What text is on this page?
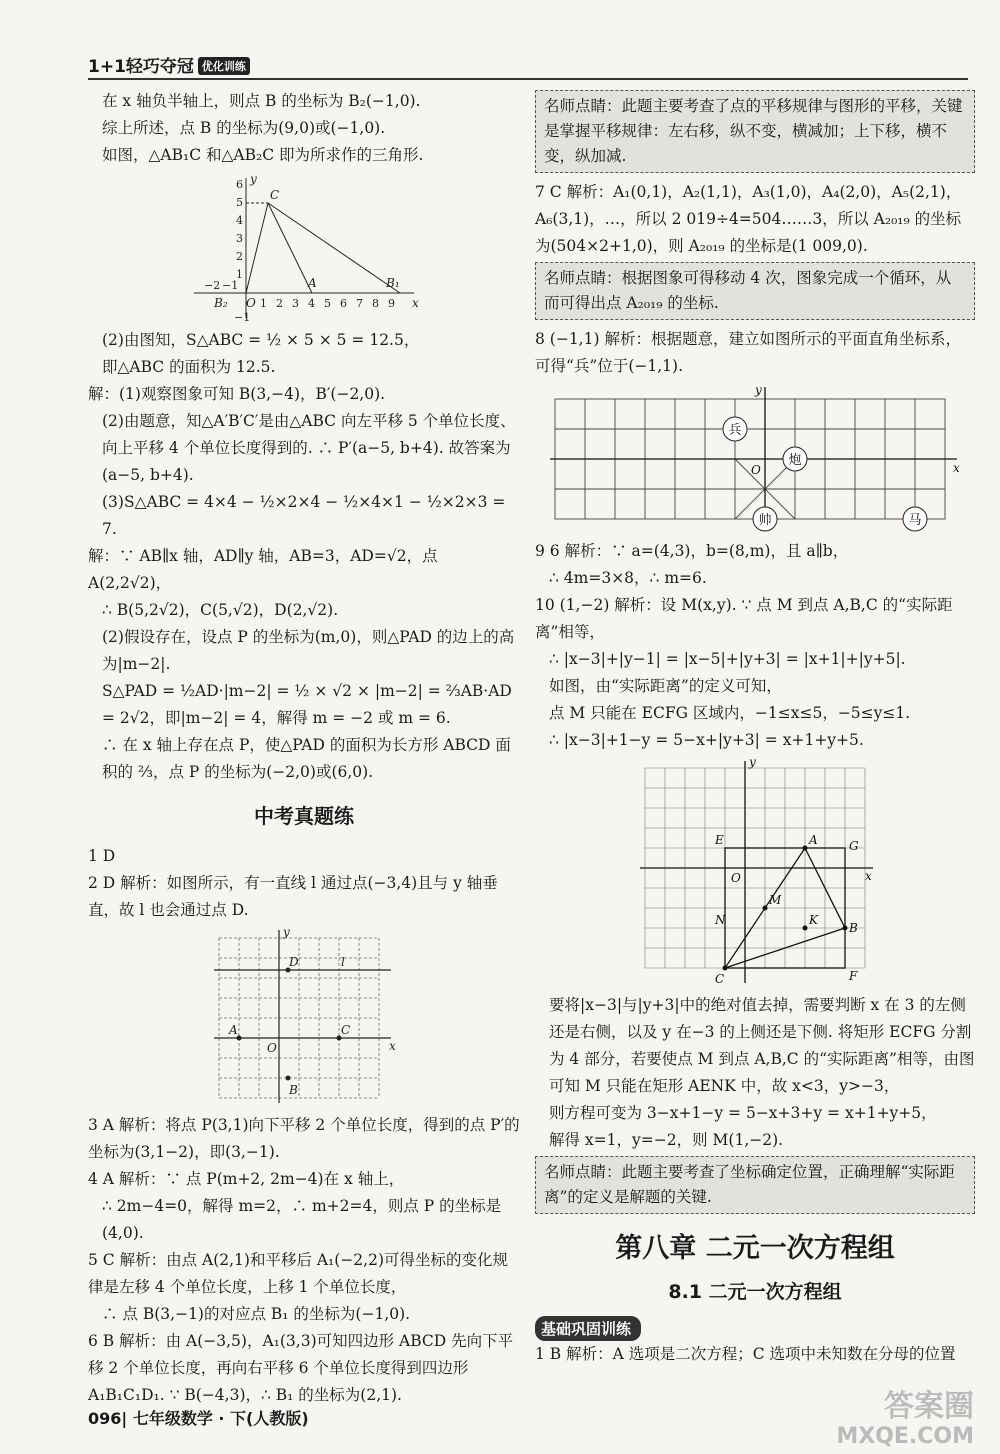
1+1轻巧夺冠 优化训练

在 x 轴负半轴上，则点 B 的坐标为 B₂(−1,0).

综上所述，点 B 的坐标为(9,0)或(−1,0).

如图，△AB₁C 和△AB₂C 即为所求作的三角形.

C
A	B₁
B₂	x
y
O
6
5
4
3
2
1
−2 −1
1 2 3 4 5 6 7 8 9
−1

(2)由图知，S△ABC = ½ × 5 × 5 = 12.5，

即△ABC 的面积为 12.5.

解：(1)观察图象可知 B(3,−4)，B′(−2,0).

(2)由题意，知△A′B′C′是由△ABC 向左平移 5 个单位长度、向上平移 4 个单位长度得到的. ∴ P′(a−5, b+4). 故答案为(a−5, b+4).

(3)S△ABC = 4×4 − ½×2×4 − ½×4×1 − ½×2×3 = 7.

解：∵ AB∥x 轴，AD∥y 轴，AB=3，AD=√2，点 A(2,2√2)，

∴ B(5,2√2)，C(5,√2)，D(2,√2).

(2)假设存在，设点 P 的坐标为(m,0)，则△PAD 的边上的高为|m−2|.

S△PAD = ½AD·|m−2| = ½ × √2 × |m−2| = ⅔AB·AD

= 2√2，即|m−2| = 4，解得 m = −2 或 m = 6.

∴ 在 x 轴上存在点 P，使△PAD 的面积为长方形 ABCD 面积的 ⅔，点 P 的坐标为(−2,0)或(6,0).

中考真题练

1 D

2 D 解析：如图所示，有一直线 l 通过点(−3,4)且与 y 轴垂直，故 l 也会通过点 D.

y
x
O
D	l
A	C
B

3 A 解析：将点 P(3,1)向下平移 2 个单位长度，得到的点 P′的坐标为(3,1−2)，即(3,−1).

4 A 解析：∵ 点 P(m+2, 2m−4)在 x 轴上，

∴ 2m−4=0，解得 m=2，∴ m+2=4，则点 P 的坐标是(4,0).

5 C 解析：由点 A(2,1)和平移后 A₁(−2,2)可得坐标的变化规律是左移 4 个单位长度，上移 1 个单位长度，

∴ 点 B(3,−1)的对应点 B₁ 的坐标为(−1,0).

6 B 解析：由 A(−3,5)，A₁(3,3)可知四边形 ABCD 先向下平移 2 个单位长度，再向右平移 6 个单位长度得到四边形 A₁B₁C₁D₁. ∵ B(−4,3)，∴ B₁ 的坐标为(2,1).

名师点睛：此题主要考查了点的平移规律与图形的平移，关键是掌握平移规律：左右移，纵不变，横减加；上下移，横不变，纵加减.

7 C 解析：A₁(0,1)，A₂(1,1)，A₃(1,0)，A₄(2,0)，A₅(2,1)，A₆(3,1)，…，所以 2 019÷4=504……3，所以 A₂₀₁₉ 的坐标为(504×2+1,0)，则 A₂₀₁₉ 的坐标是(1 009,0).

名师点睛：根据图象可得移动 4 次，图象完成一个循环，从而可得出点 A₂₀₁₉ 的坐标.

8 (−1,1) 解析：根据题意，建立如图所示的平面直角坐标系，可得“兵”位于(−1,1).

兵
炮
帅	马
y
x
O

9 6 解析：∵ a=(4,3)，b=(8,m)，且 a∥b，

∴ 4m=3×8，∴ m=6.

10 (1,−2) 解析：设 M(x,y). ∵ 点 M 到点 A,B,C 的“实际距离”相等，

∴ |x−3|+|y−1| = |x−5|+|y+3| = |x+1|+|y+5|.

如图，由“实际距离”的定义可知，

点 M 只能在 ECFG 区域内，−1≤x≤5，−5≤y≤1.

∴ |x−3|+1−y = 5−x+|y+3| = x+1+y+5.

y
x
O
E	A	G
B
C	F
M
K
N

要将|x−3|与|y+3|中的绝对值去掉，需要判断 x 在 3 的左侧还是右侧，以及 y 在−3 的上侧还是下侧. 将矩形 ECFG 分割为 4 部分，若要使点 M 到点 A,B,C 的“实际距离”相等，由图可知 M 只能在矩形 AENK 中，故 x<3，y>−3，

则方程可变为 3−x+1−y = 5−x+3+y = x+1+y+5，

解得 x=1，y=−2，则 M(1,−2).

名师点睛：此题主要考查了坐标确定位置，正确理解“实际距离”的定义是解题的关键.
第八章 二元一次方程组
8.1 二元一次方程组
基础巩固训练

1 B 解析：A 选项是二次方程；C 选项中未知数在分母的位置

096| 七年级数学 · 下(人教版)	答案圈
MXQE.COM
